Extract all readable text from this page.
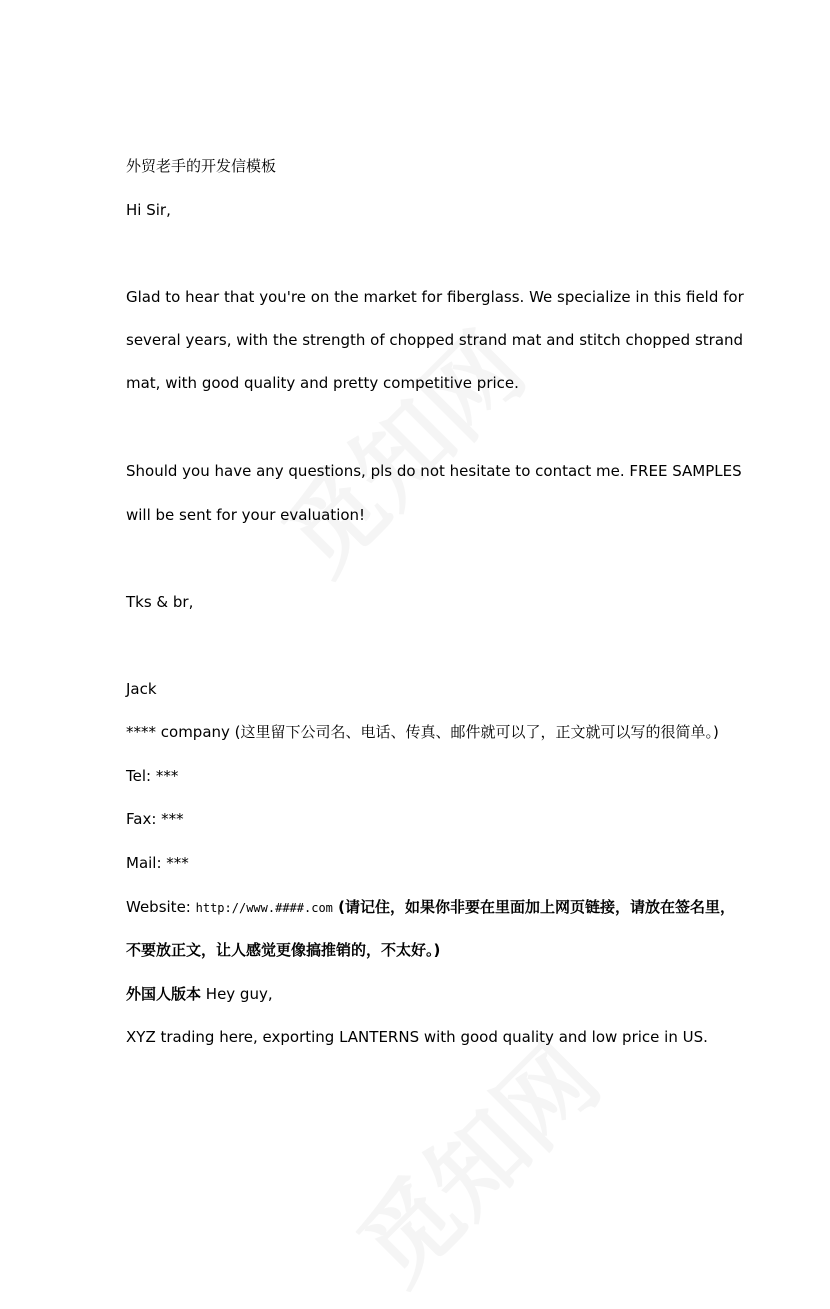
外贸老手的开发信模板
Hi Sir,
Glad to hear that you're on the market for fiberglass. We specialize in this field for
several years, with the strength of chopped strand mat and stitch chopped strand
mat, with good quality and pretty competitive price.
Should you have any questions, pls do not hesitate to contact me. FREE SAMPLES
will be sent for your evaluation!
Tks & br,
Jack
**** company (这里留下公司名、电话、传真、邮件就可以了，正文就可以写的很简单。)
Tel: ***
Fax: ***
Mail: ***
Website: http://www.####.com (请记住，如果你非要在里面加上网页链接，请放在签名里，
不要放正文，让人感觉更像搞推销的，不太好。)
外国人版本 Hey guy,
XYZ trading here, exporting LANTERNS with good quality and low price in US.
